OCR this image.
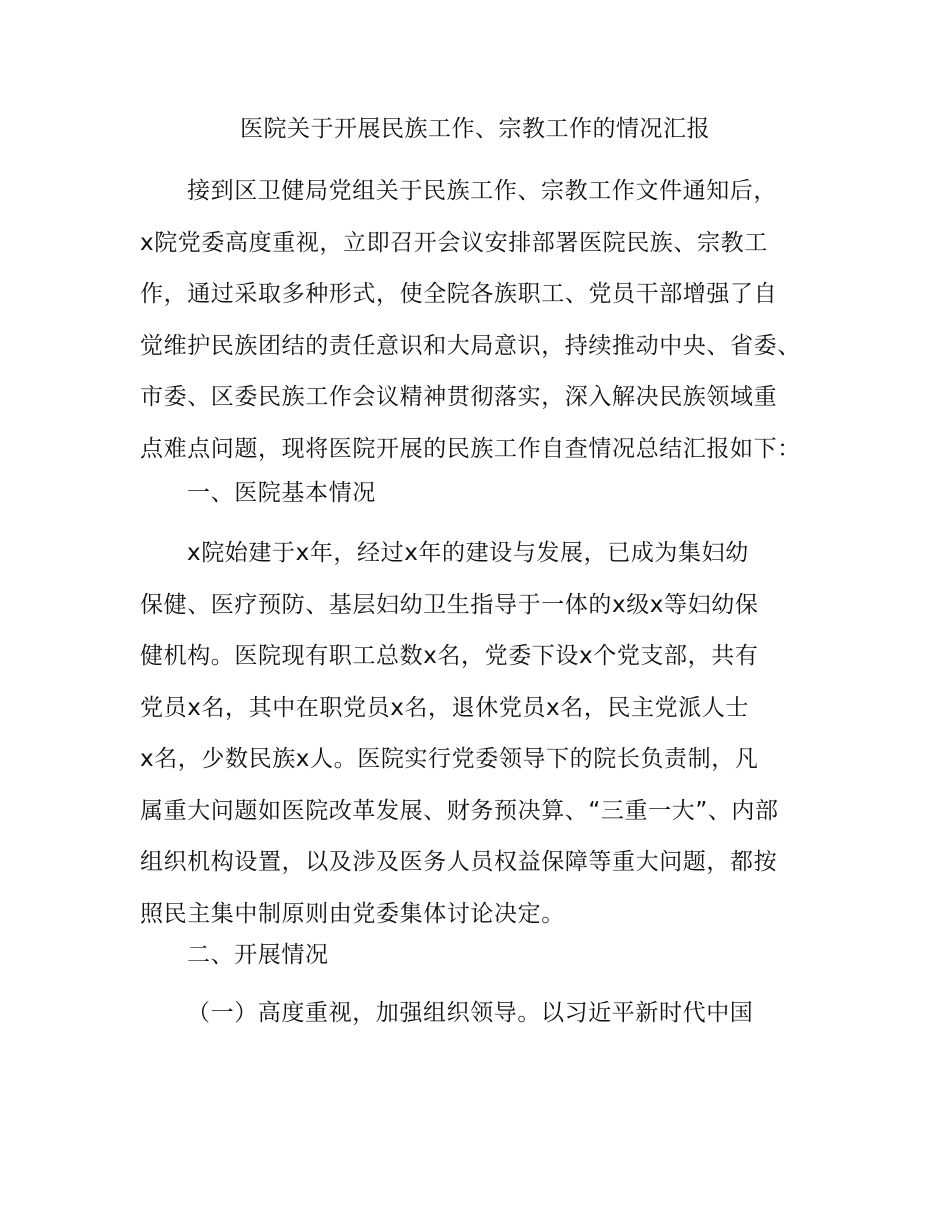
医院关于开展民族工作、宗教工作的情况汇报
接到区卫健局党组关于民族工作、宗教工作文件通知后，
x院党委高度重视，立即召开会议安排部署医院民族、宗教工
作，通过采取多种形式，使全院各族职工、党员干部增强了自
觉维护民族团结的责任意识和大局意识，持续推动中央、省委、
市委、区委民族工作会议精神贯彻落实，深入解决民族领域重
点难点问题，现将医院开展的民族工作自查情况总结汇报如下：
一、医院基本情况
x院始建于x年，经过x年的建设与发展，已成为集妇幼
保健、医疗预防、基层妇幼卫生指导于一体的x级x等妇幼保
健机构。医院现有职工总数x名，党委下设x个党支部，共有
党员x名，其中在职党员x名，退休党员x名，民主党派人士
x名，少数民族x人。医院实行党委领导下的院长负责制，凡
属重大问题如医院改革发展、财务预决算、“三重一大”、内部
组织机构设置，以及涉及医务人员权益保障等重大问题，都按
照民主集中制原则由党委集体讨论决定。
二、开展情况
（一）高度重视，加强组织领导。以习近平新时代中国
